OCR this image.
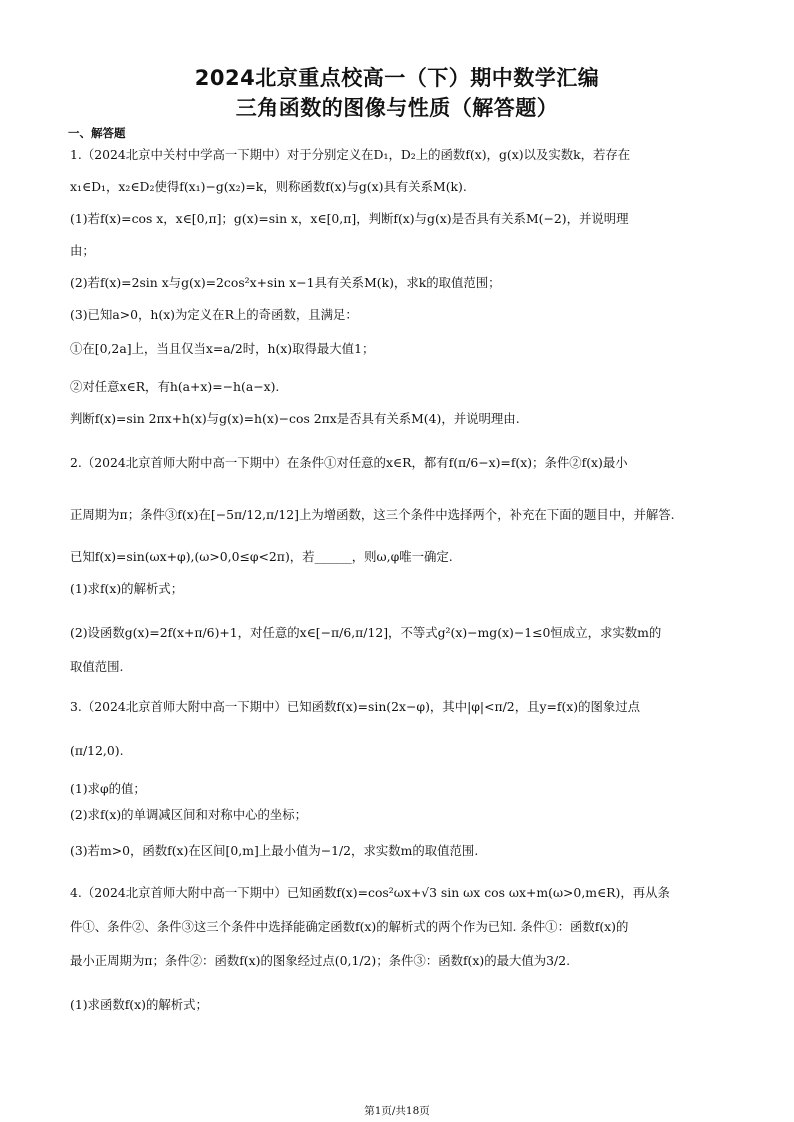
2024北京重点校高一（下）期中数学汇编
三角函数的图像与性质（解答题）
一、解答题
1.（2024北京中关村中学高一下期中）对于分别定义在D₁，D₂上的函数f(x)，g(x)以及实数k，若存在
x₁∈D₁，x₂∈D₂使得f(x₁)−g(x₂)=k，则称函数f(x)与g(x)具有关系M(k).
(1)若f(x)=cos x，x∈[0,π]；g(x)=sin x，x∈[0,π]，判断f(x)与g(x)是否具有关系M(−2)，并说明理
由；
(2)若f(x)=2sin x与g(x)=2cos²x+sin x−1具有关系M(k)，求k的取值范围；
(3)已知a>0，h(x)为定义在R上的奇函数，且满足：
①在[0,2a]上，当且仅当x=a/2时，h(x)取得最大值1；
②对任意x∈R，有h(a+x)=−h(a−x).
判断f(x)=sin 2πx+h(x)与g(x)=h(x)−cos 2πx是否具有关系M(4)，并说明理由.
2.（2024北京首师大附中高一下期中）在条件①对任意的x∈R，都有f(π/6−x)=f(x)；条件②f(x)最小
正周期为π；条件③f(x)在[−5π/12,π/12]上为增函数，这三个条件中选择两个，补充在下面的题目中，并解答.
已知f(x)=sin(ωx+φ),(ω>0,0≤φ<2π)，若______，则ω,φ唯一确定.
(1)求f(x)的解析式；
(2)设函数g(x)=2f(x+π/6)+1，对任意的x∈[−π/6,π/12]，不等式g²(x)−mg(x)−1≤0恒成立，求实数m的
取值范围.
3.（2024北京首师大附中高一下期中）已知函数f(x)=sin(2x−φ)，其中|φ|<π/2，且y=f(x)的图象过点
(π/12,0).
(1)求φ的值；
(2)求f(x)的单调减区间和对称中心的坐标；
(3)若m>0，函数f(x)在区间[0,m]上最小值为−1/2，求实数m的取值范围.
4.（2024北京首师大附中高一下期中）已知函数f(x)=cos²ωx+√3 sin ωx cos ωx+m(ω>0,m∈R)，再从条
件①、条件②、条件③这三个条件中选择能确定函数f(x)的解析式的两个作为已知. 条件①：函数f(x)的
最小正周期为π；条件②：函数f(x)的图象经过点(0,1/2)；条件③：函数f(x)的最大值为3/2.
(1)求函数f(x)的解析式；
第1页/共18页
